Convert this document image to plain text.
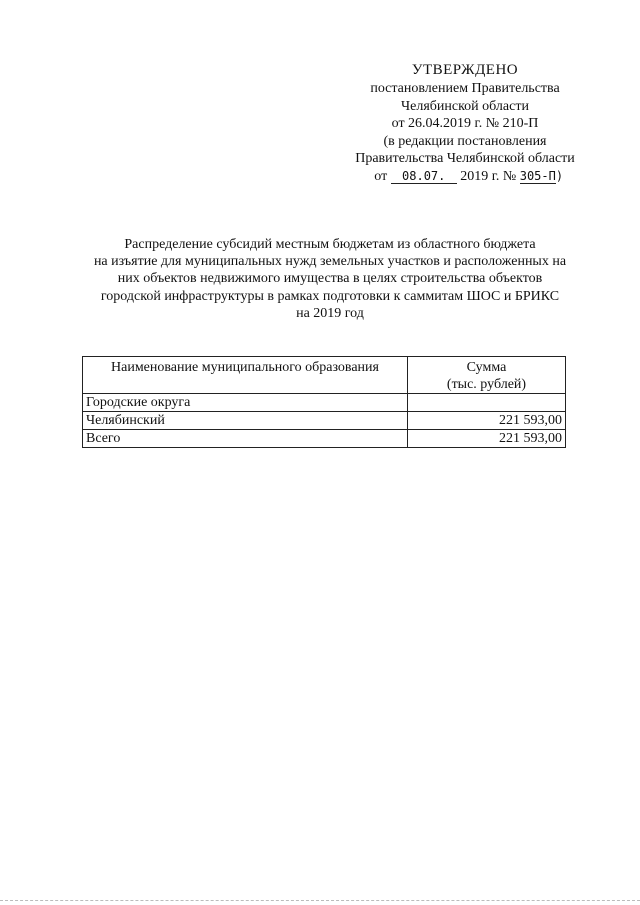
УТВЕРЖДЕНО
постановлением Правительства
Челябинской области
от 26.04.2019 г. № 210-П
(в редакции постановления
Правительства Челябинской области
от 08.07. 2019 г. № 305-П)
Распределение субсидий местным бюджетам из областного бюджета
на изъятие для муниципальных нужд земельных участков и расположенных на
них объектов недвижимого имущества в целях строительства объектов
городской инфраструктуры в рамках подготовки к саммитам ШОС и БРИКС
на 2019 год
Наименование муниципального образования	Сумма
(тыс. рублей)

Городские округа	
Челябинский	221 593,00
Всего	221 593,00
